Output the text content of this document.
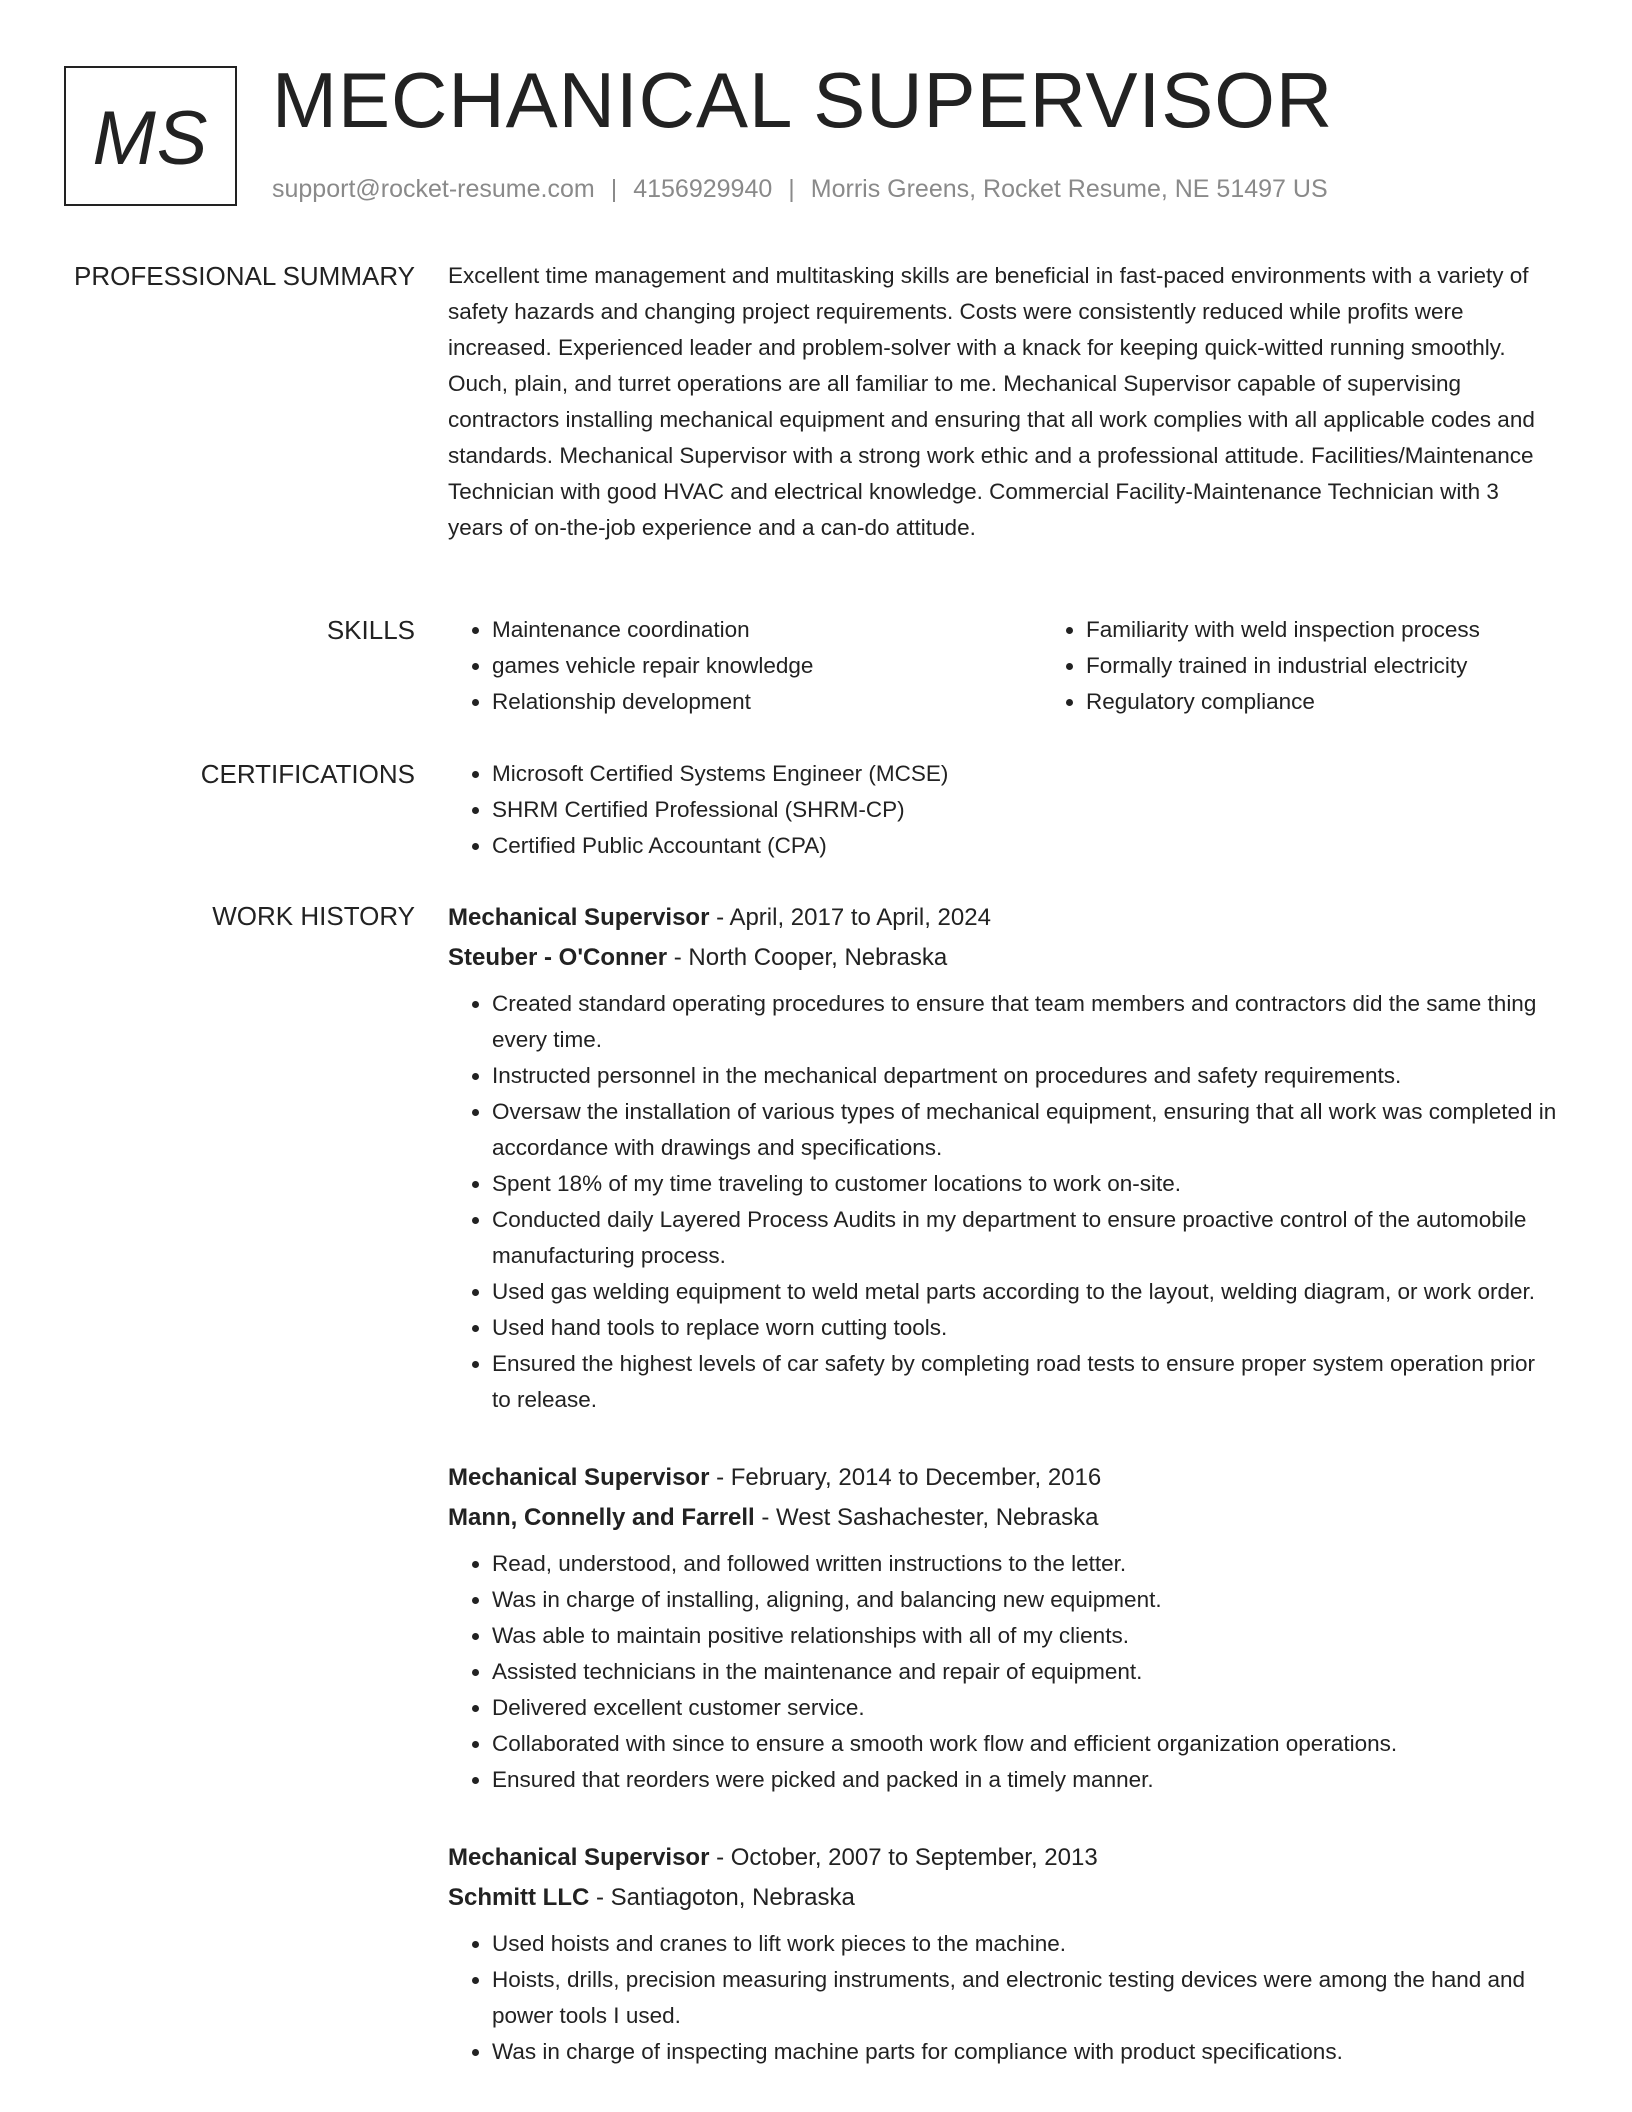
MS MECHANICAL SUPERVISOR
support@rocket-resume.com | 4156929940 | Morris Greens, Rocket Resume, NE 51497 US
PROFESSIONAL SUMMARY Excellent time management and multitasking skills are beneficial in fast-paced environments with a variety of safety hazards and changing project requirements. Costs were consistently reduced while profits were increased. Experienced leader and problem-solver with a knack for keeping quick-witted running smoothly. Ouch, plain, and turret operations are all familiar to me. Mechanical Supervisor capable of supervising contractors installing mechanical equipment and ensuring that all work complies with all applicable codes and standards. Mechanical Supervisor with a strong work ethic and a professional attitude. Facilities/Maintenance Technician with good HVAC and electrical knowledge. Commercial Facility-Maintenance Technician with 3 years of on-the-job experience and a can-do attitude.

SKILLS	• Maintenance coordination
• games vehicle repair knowledge
• Relationship development
• Familiarity with weld inspection process
• Formally trained in industrial electricity
• Regulatory compliance
CERTIFICATIONS	• Microsoft Certified Systems Engineer (MCSE)
• SHRM Certified Professional (SHRM-CP)
• Certified Public Accountant (CPA)
WORK HISTORY Mechanical Supervisor - April, 2017 to April, 2024

Steuber - O'Conner - North Cooper, Nebraska

• Created standard operating procedures to ensure that team members and contractors did the same thing every time.
• Instructed personnel in the mechanical department on procedures and safety requirements.
• Oversaw the installation of various types of mechanical equipment, ensuring that all work was completed in accordance with drawings and specifications.
• Spent 18% of my time traveling to customer locations to work on-site.
• Conducted daily Layered Process Audits in my department to ensure proactive control of the automobile manufacturing process.
• Used gas welding equipment to weld metal parts according to the layout, welding diagram, or work order.
• Used hand tools to replace worn cutting tools.
• Ensured the highest levels of car safety by completing road tests to ensure proper system operation prior to release.

Mechanical Supervisor - February, 2014 to December, 2016

Mann, Connelly and Farrell - West Sashachester, Nebraska

• Read, understood, and followed written instructions to the letter.
• Was in charge of installing, aligning, and balancing new equipment.
• Was able to maintain positive relationships with all of my clients.
• Assisted technicians in the maintenance and repair of equipment.
• Delivered excellent customer service.
• Collaborated with since to ensure a smooth work flow and efficient organization operations.
• Ensured that reorders were picked and packed in a timely manner.

Mechanical Supervisor - October, 2007 to September, 2013

Schmitt LLC - Santiagoton, Nebraska

• Used hoists and cranes to lift work pieces to the machine.
• Hoists, drills, precision measuring instruments, and electronic testing devices were among the hand and power tools I used.
• Was in charge of inspecting machine parts for compliance with product specifications.
